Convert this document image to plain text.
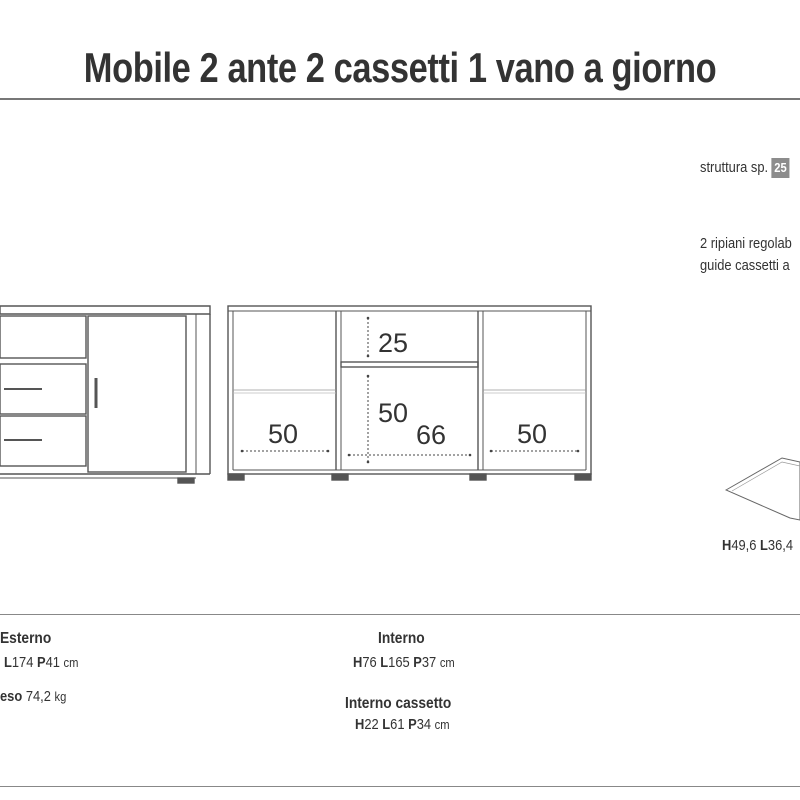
Mobile 2 ante 2 cassetti 1 vano a giorno
struttura sp. 25
2 ripiani regolab
guide cassetti a
50
25
50
66	50
H49,6 L36,4
Esterno
L174 P41 cm
eso 74,2 kg
Interno
H76 L165 P37 cm
Interno cassetto
H22 L61 P34 cm
